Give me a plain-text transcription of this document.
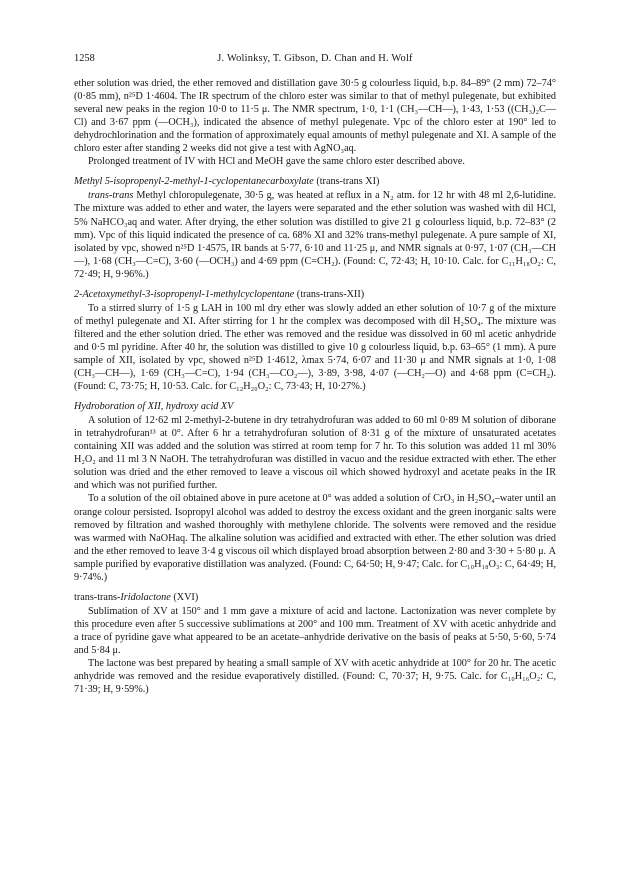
1258	J. Wolinksy, T. Gibson, D. Chan and H. Wolf

ether solution was dried, the ether removed and distillation gave 30·5 g colourless liquid, b.p. 84–89° (2 mm) 72–74° (0·85 mm), n²⁵D 1·4604. The IR spectrum of the chloro ester was similar to that of methyl pulegenate, but exhibited several new peaks in the region 10·0 to 11·5 μ. The NMR spectrum, 1·0, 1·1 (CH₃—CH—), 1·43, 1·53 ((CH₃)₂C—Cl) and 3·67 ppm (—OCH₃), indicated the absence of methyl pulegenate. Vpc of the chloro ester at 190° led to dehydrochlorination and the formation of approximately equal amounts of methyl pulegenate and XI. A sample of the chloro ester after standing 2 weeks did not give a test with AgNO₃aq.

Prolonged treatment of IV with HCl and MeOH gave the same chloro ester described above.

Methyl 5-isopropenyl-2-methyl-1-cyclopentanecarboxylate (trans-trans XI)

trans-trans Methyl chloropulegenate, 30·5 g, was heated at reflux in a N₂ atm. for 12 hr with 48 ml 2,6-lutidine. The mixture was added to ether and water, the layers were separated and the ether solution was washed with dil HCl, 5% NaHCO₃aq and water. After drying, the ether solution was distilled to give 21 g colourless liquid, b.p. 72–83° (2 mm). Vpc of this liquid indicated the presence of ca. 68% XI and 32% trans-methyl pulegenate. A pure sample of XI, isolated by vpc, showed n²⁵D 1·4575, IR bands at 5·77, 6·10 and 11·25 μ, and NMR signals at 0·97, 1·07 (CH₃—CH—), 1·68 (CH₃—C=C), 3·60 (—OCH₃) and 4·69 ppm (C=CH₂). (Found: C, 72·43; H, 10·10. Calc. for C₁₁H₁₈O₂: C, 72·49; H, 9·96%.)

2-Acetoxymethyl-3-isopropenyl-1-methylcyclopentane (trans-trans-XII)

To a stirred slurry of 1·5 g LAH in 100 ml dry ether was slowly added an ether solution of 10·7 g of the mixture of methyl pulegenate and XI. After stirring for 1 hr the complex was decomposed with dil H₂SO₄. The mixture was filtered and the ether solution dried. The ether was removed and the residue was dissolved in 60 ml acetic anhydride and 0·5 ml pyridine. After 40 hr, the solution was distilled to give 10 g colourless liquid, b.p. 63–65° (1 mm). A pure sample of XII, isolated by vpc, showed n²⁵D 1·4612, λmax 5·74, 6·07 and 11·30 μ and NMR signals at 1·0, 1·08 (CH₃—CH—), 1·69 (CH₃—C=C), 1·94 (CH₃—CO₂—), 3·89, 3·98, 4·07 (—CH₂—O) and 4·68 ppm (C=CH₂). (Found: C, 73·75; H, 10·53. Calc. for C₁₂H₂₀O₂: C, 73·43; H, 10·27%.)

Hydroboration of XII, hydroxy acid XV

A solution of 12·62 ml 2-methyl-2-butene in dry tetrahydrofuran was added to 60 ml 0·89 M solution of diborane in tetrahydrofuran¹³ at 0°. After 6 hr a tetrahydrofuran solution of 8·31 g of the mixture of unsaturated acetates containing XII was added and the solution was stirred at room temp for 7 hr. To this solution was added 11 ml 30% H₂O₂ and 11 ml 3 N NaOH. The tetrahydrofuran was distilled in vacuo and the residue extracted with ether. The ether solution was dried and the ether removed to leave a viscous oil which showed hydroxyl and acetate peaks in the IR and which was not purified further.

To a solution of the oil obtained above in pure acetone at 0° was added a solution of CrO₃ in H₂SO₄–water until an orange colour persisted. Isopropyl alcohol was added to destroy the excess oxidant and the green inorganic salts were removed by filtration and washed thoroughly with methylene chloride. The solvents were removed and the residue was warmed with NaOHaq. The alkaline solution was acidified and extracted with ether. The ether solution was dried and the ether removed to leave 3·4 g viscous oil which displayed broad absorption between 2·80 and 3·30 + 5·80 μ. A sample purified by evaporative distillation was analyzed. (Found: C, 64·50; H, 9·47; Calc. for C₁₀H₁₈O₃: C, 64·49; H, 9·74%.)

trans-trans-Iridolactone (XVI)

Sublimation of XV at 150° and 1 mm gave a mixture of acid and lactone. Lactonization was never complete by this procedure even after 5 successive sublimations at 200° and 100 mm. Treatment of XV with acetic anhydride and a trace of pyridine gave what appeared to be an acetate–anhydride derivative on the basis of peaks at 5·50, 5·60, 5·74 and 5·84 μ.

The lactone was best prepared by heating a small sample of XV with acetic anhydride at 100° for 20 hr. The acetic anhydride was removed and the residue evaporatively distilled. (Found: C, 70·37; H, 9·75. Calc. for C₁₀H₁₆O₂: C, 71·39; H, 9·59%.)
